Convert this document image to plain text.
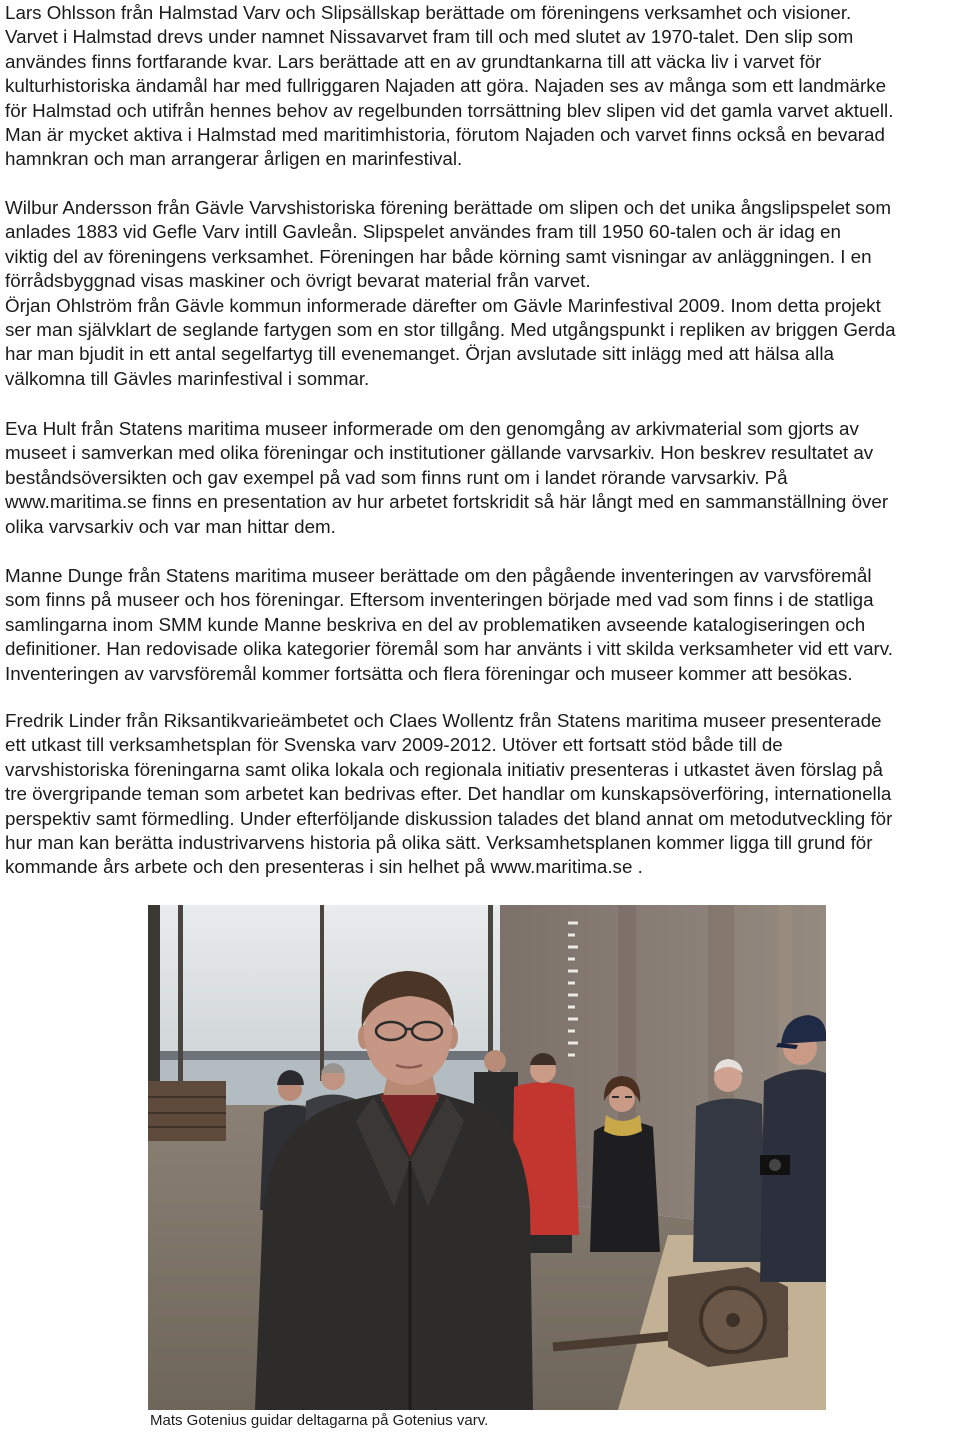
Lars Ohlsson från Halmstad Varv och Slipsällskap berättade om föreningens verksamhet och visioner.
Varvet i Halmstad drevs under namnet Nissavarvet fram till och med slutet av 1970-talet. Den slip som
användes finns fortfarande kvar. Lars berättade att en av grundtankarna till att väcka liv i varvet för
kulturhistoriska ändamål har med fullriggaren Najaden att göra. Najaden ses av många som ett landmärke
för Halmstad och utifrån hennes behov av regelbunden torrsättning blev slipen vid det gamla varvet aktuell.
Man är mycket aktiva i Halmstad med maritimhistoria, förutom Najaden och varvet finns också en bevarad
hamnkran och man arrangerar årligen en marinfestival.
Wilbur Andersson från Gävle Varvshistoriska förening berättade om slipen och det unika ångslipspelet som
anlades 1883 vid Gefle Varv intill Gavleån. Slipspelet användes fram till 1950 60-talen och är idag en
viktig del av föreningens verksamhet. Föreningen har både körning samt visningar av anläggningen. I en
förrådsbyggnad visas maskiner och övrigt bevarat material från varvet.
Örjan Ohlström från Gävle kommun informerade därefter om Gävle Marinfestival 2009. Inom detta projekt
ser man självklart de seglande fartygen som en stor tillgång. Med utgångspunkt i repliken av briggen Gerda
har man bjudit in ett antal segelfartyg till evenemanget. Örjan avslutade sitt inlägg med att hälsa alla
välkomna till Gävles marinfestival i sommar.
Eva Hult från Statens maritima museer informerade om den genomgång av arkivmaterial som gjorts av
museet i samverkan med olika föreningar och institutioner gällande varvsarkiv. Hon beskrev resultatet av
beståndsöversikten och gav exempel på vad som finns runt om i landet rörande varvsarkiv. På
www.maritima.se finns en presentation av hur arbetet fortskridit så här långt med en sammanställning över
olika varvsarkiv och var man hittar dem.
Manne Dunge från Statens maritima museer berättade om den pågående inventeringen av varvsföremål
som finns på museer och hos föreningar. Eftersom inventeringen började med vad som finns i de statliga
samlingarna inom SMM kunde Manne beskriva en del av problematiken avseende katalogiseringen och
definitioner. Han redovisade olika kategorier föremål som har använts i vitt skilda verksamheter vid ett varv.
Inventeringen av varvsföremål kommer fortsätta och flera föreningar och museer kommer att besökas.
Fredrik Linder från Riksantikvarieämbetet och Claes Wollentz från Statens maritima museer presenterade
ett utkast till verksamhetsplan för Svenska varv 2009-2012. Utöver ett fortsatt stöd både till de
varvshistoriska föreningarna samt olika lokala och regionala initiativ presenteras i utkastet även förslag på
tre övergripande teman som arbetet kan bedrivas efter. Det handlar om kunskapsöverföring, internationella
perspektiv samt förmedling. Under efterföljande diskussion talades det bland annat om metodutveckling för
hur man kan berätta industrivarvens historia på olika sätt. Verksamhetsplanen kommer ligga till grund för
kommande års arbete och den presenteras i sin helhet på www.maritima.se .
Mats Gotenius guidar deltagarna på Gotenius varv.
